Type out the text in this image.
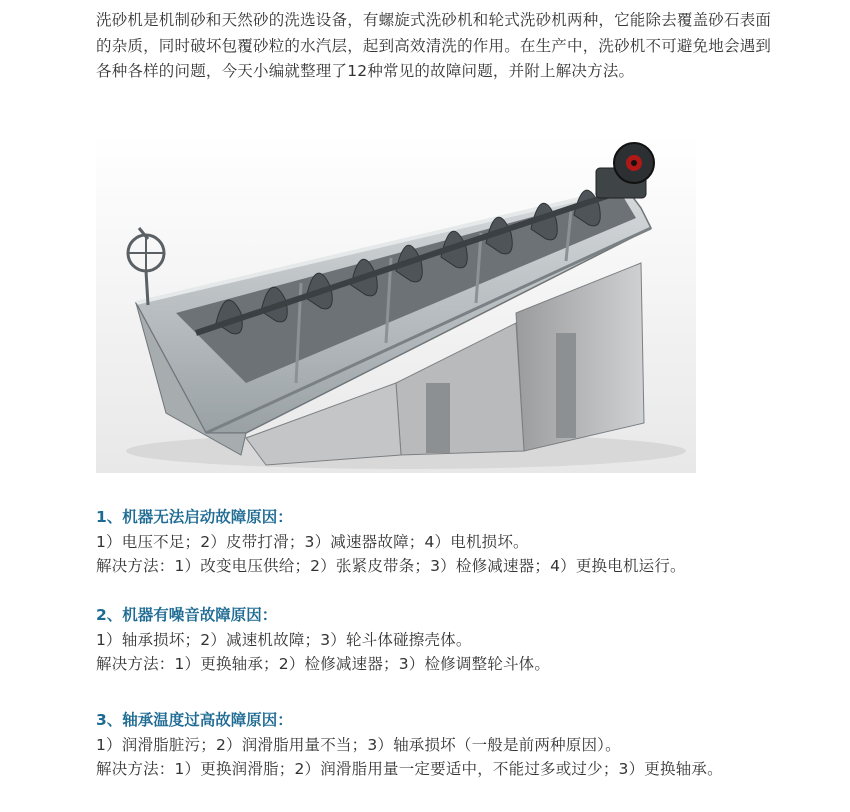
洗砂机是机制砂和天然砂的洗选设备，有螺旋式洗砂机和轮式洗砂机两种，它能除去覆盖砂石表面的杂质，同时破坏包覆砂粒的水汽层，起到高效清洗的作用。在生产中，洗砂机不可避免地会遇到各种各样的问题，今天小编就整理了12种常见的故障问题，并附上解决方法。

1、机器无法启动故障原因：

1）电压不足；2）皮带打滑；3）减速器故障；4）电机损坏。

解决方法：1）改变电压供给；2）张紧皮带条；3）检修减速器；4）更换电机运行。

2、机器有噪音故障原因：

1）轴承损坏；2）减速机故障；3）轮斗体碰擦壳体。

解决方法：1）更换轴承；2）检修减速器；3）检修调整轮斗体。

3、轴承温度过高故障原因：

1）润滑脂脏污；2）润滑脂用量不当；3）轴承损坏（一般是前两种原因）。

解决方法：1）更换润滑脂；2）润滑脂用量一定要适中，不能过多或过少；3）更换轴承。
